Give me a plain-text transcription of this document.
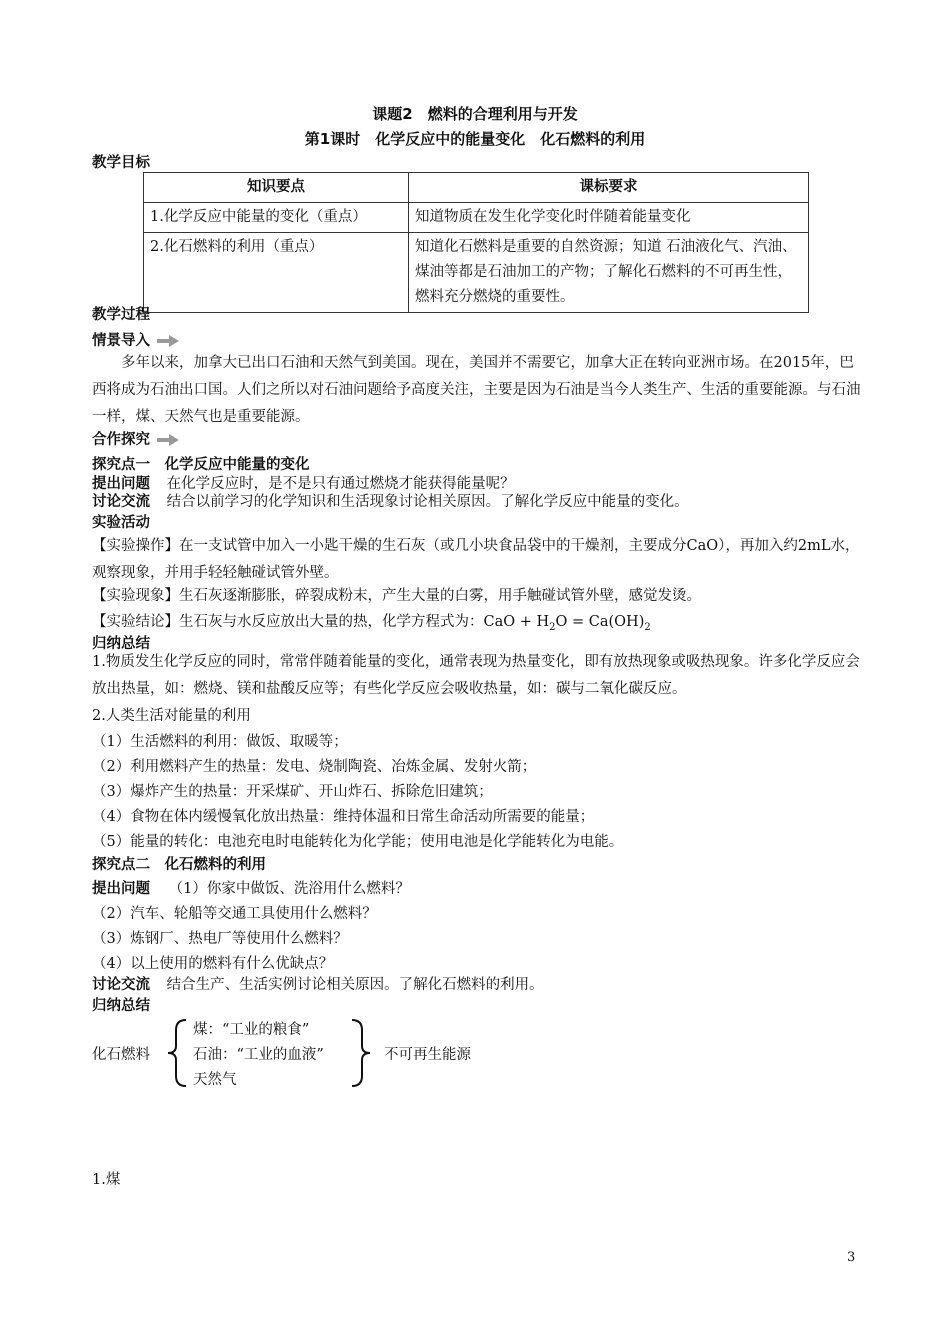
课题2　燃料的合理利用与开发
第1课时　化学反应中的能量变化　化石燃料的利用
教学目标
知识要点	课标要求
1.化学反应中能量的变化（重点）	知道物质在发生化学变化时伴随着能量变化
2.化石燃料的利用（重点）	知道化石燃料是重要的自然资源；知道 石油液化气、汽油、煤油等都是石油加工的产物；了解化石燃料的不可再生性，燃料充分燃烧的重要性。
教学过程
情景导入
多年以来，加拿大已出口石油和天然气到美国。现在，美国并不需要它，加拿大正在转向亚洲市场。在2015年，巴西将成为石油出口国。人们之所以对石油问题给予高度关注，主要是因为石油是当今人类生产、生活的重要能源。与石油一样，煤、天然气也是重要能源。
合作探究
探究点一　化学反应中能量的变化
提出问题 在化学反应时，是不是只有通过燃烧才能获得能量呢？
讨论交流 结合以前学习的化学知识和生活现象讨论相关原因。了解化学反应中能量的变化。
实验活动
【实验操作】在一支试管中加入一小匙干燥的生石灰（或几小块食品袋中的干燥剂，主要成分CaO），再加入约2mL水，观察现象，并用手轻轻触碰试管外壁。
【实验现象】生石灰逐渐膨胀，碎裂成粉末，产生大量的白雾，用手触碰试管外壁，感觉发烫。
【实验结论】生石灰与水反应放出大量的热，化学方程式为：CaO + $H_2O = Ca(OH)_2$
归纳总结
1.物质发生化学反应的同时，常常伴随着能量的变化，通常表现为热量变化，即有放热现象或吸热现象。许多化学反应会放出热量，如：燃烧、镁和盐酸反应等；有些化学反应会吸收热量，如：碳与二氧化碳反应。
2.人类生活对能量的利用
（1）生活燃料的利用：做饭、取暖等；
（2）利用燃料产生的热量：发电、烧制陶瓷、冶炼金属、发射火箭；
（3）爆炸产生的热量：开采煤矿、开山炸石、拆除危旧建筑；
（4）食物在体内缓慢氧化放出热量：维持体温和日常生命活动所需要的能量；
（5）能量的转化：电池充电时电能转化为化学能；使用电池是化学能转化为电能。
探究点二　化石燃料的利用
提出问题 （1）你家中做饭、洗浴用什么燃料？
（2）汽车、轮船等交通工具使用什么燃料？
（3）炼钢厂、热电厂等使用什么燃料？
（4）以上使用的燃料有什么优缺点？
讨论交流 结合生产、生活实例讨论相关原因。了解化石燃料的利用。
归纳总结
化石燃料
煤：“工业的粮食”
石油：“工业的血液”
天然气
不可再生能源
1.煤
3
